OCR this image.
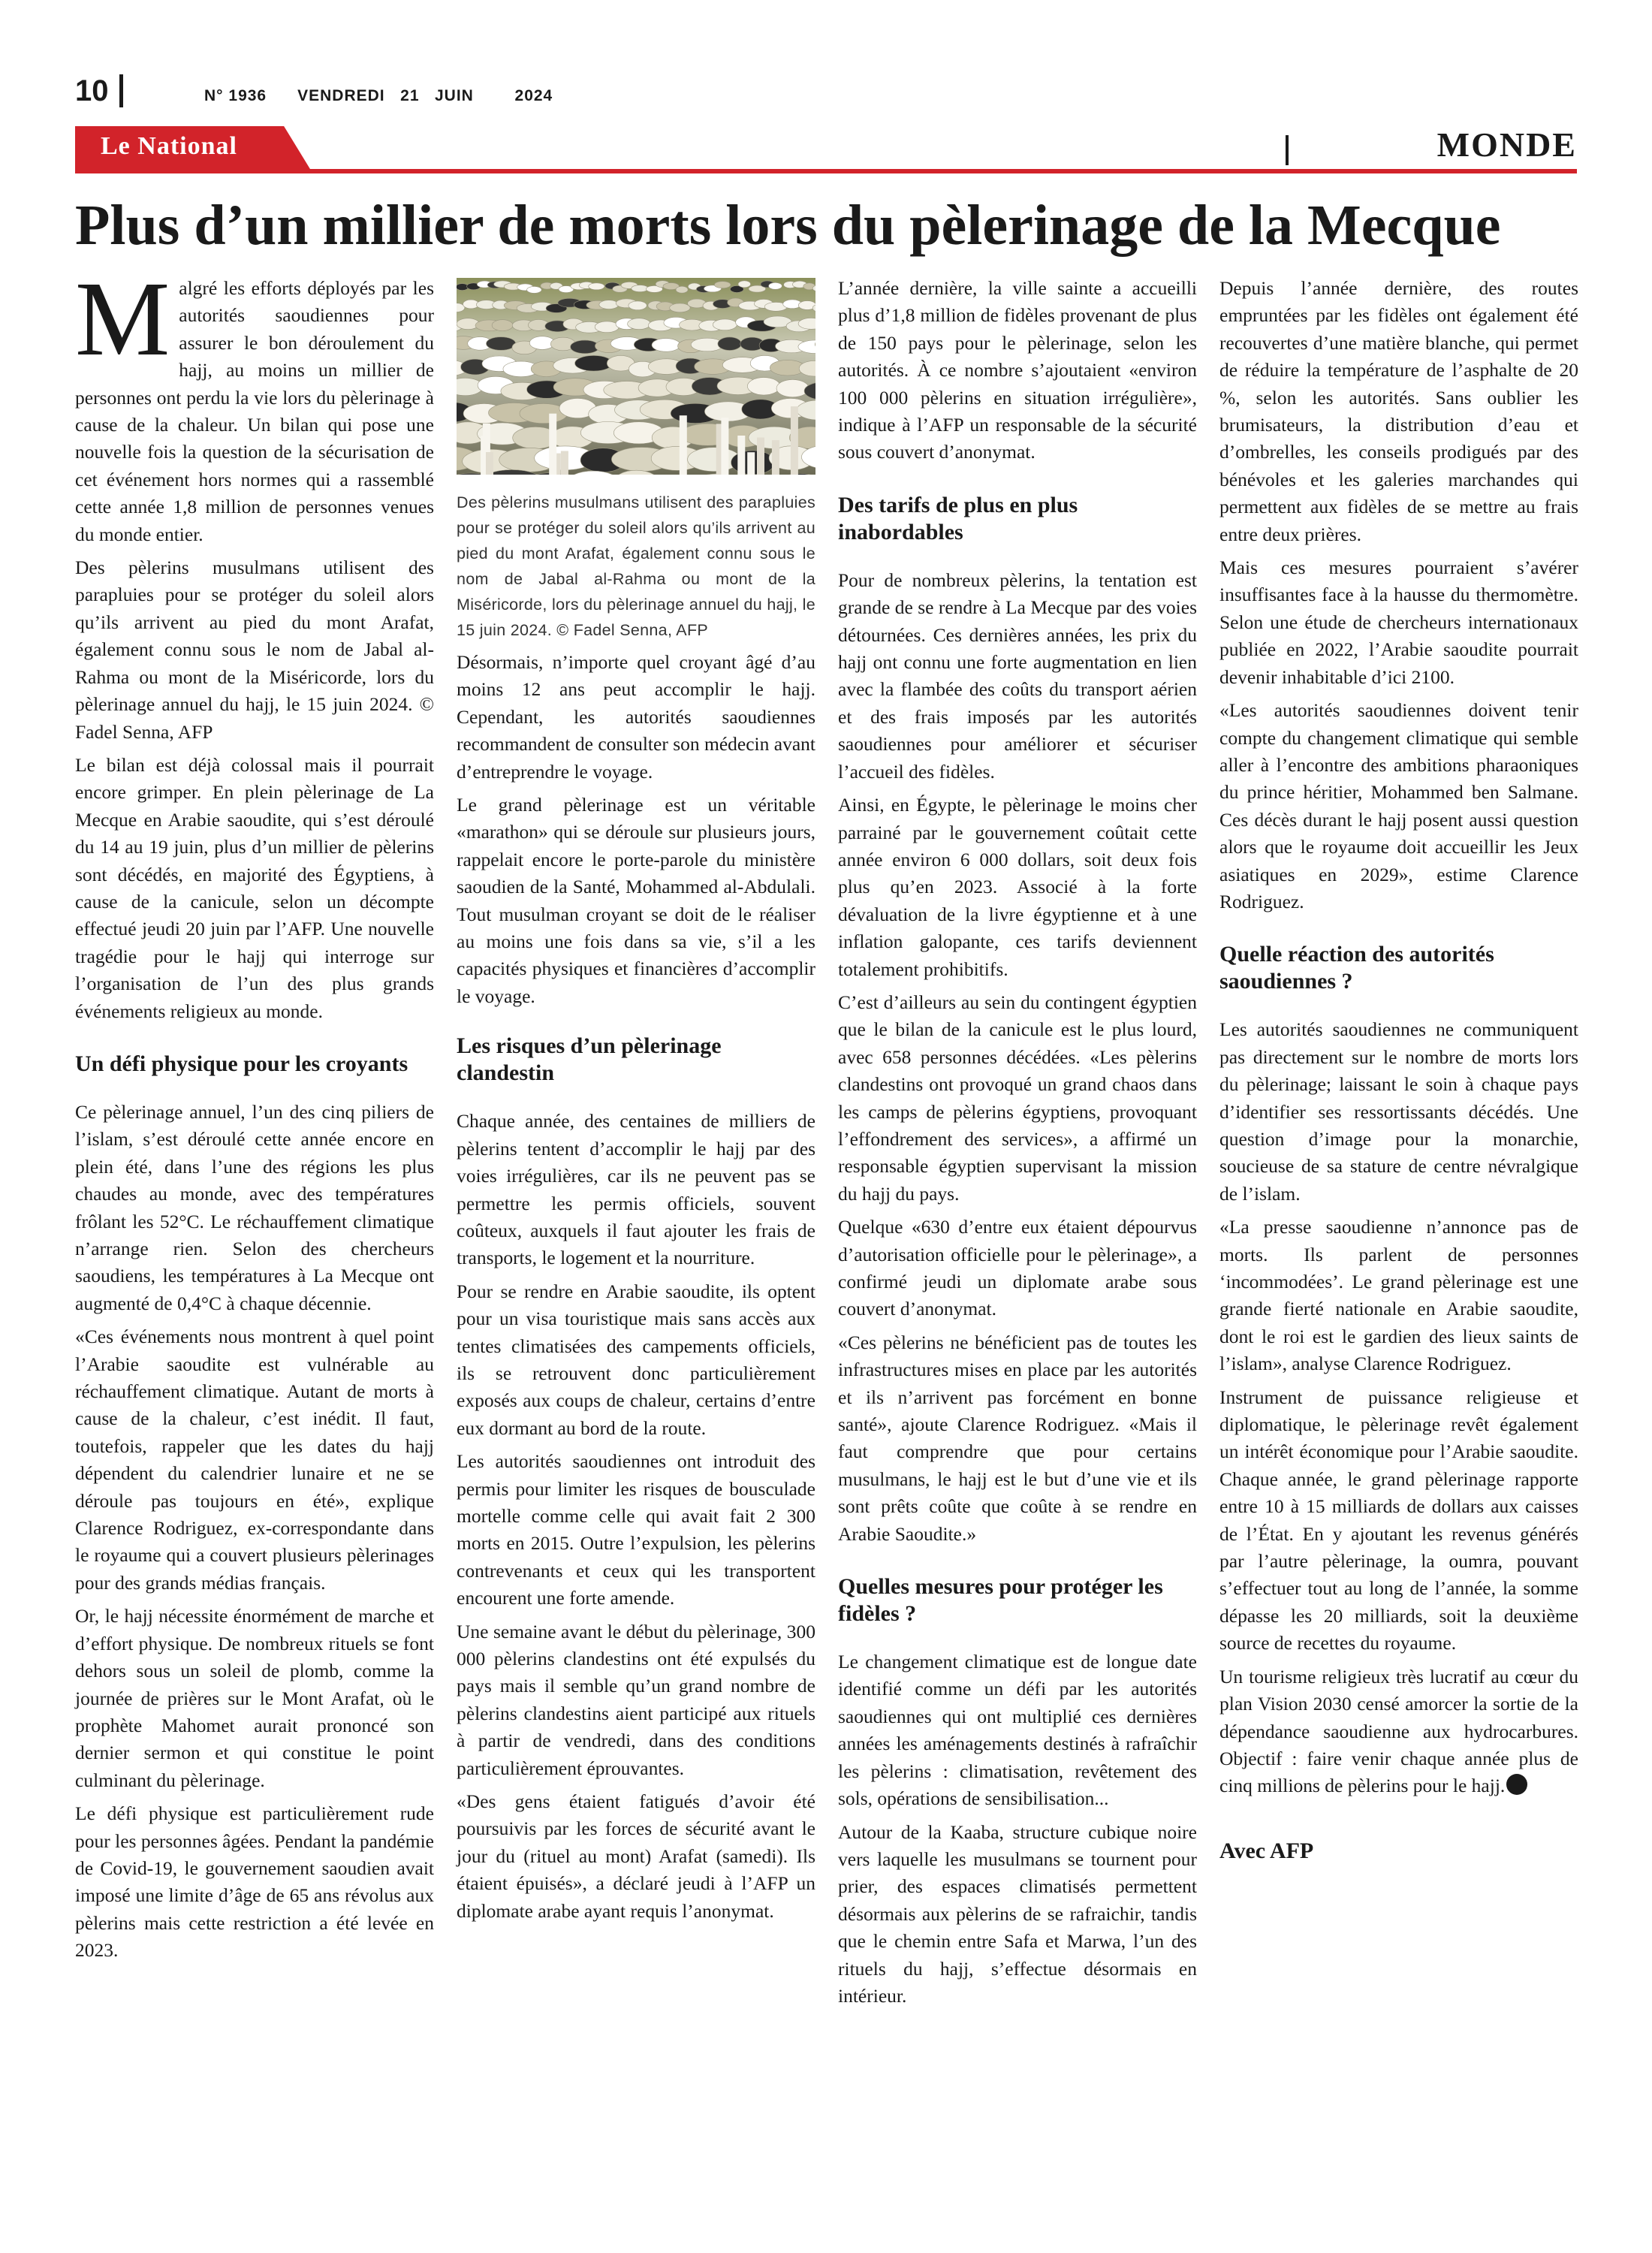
10	N° 1936      VENDREDI   21   JUIN        2024
Le National	MONDE
Plus d’un millier de morts lors du pèlerinage de la Mecque

Malgré les efforts déployés par les autorités saoudiennes pour assurer le bon déroulement du hajj, au moins un millier de personnes ont perdu la vie lors du pèlerinage à cause de la chaleur. Un bilan qui pose une nouvelle fois la question de la sécurisation de cet événement hors normes qui a rassemblé cette année 1,8 million de personnes venues du monde entier.

Des pèlerins musulmans utilisent des parapluies pour se protéger du soleil alors qu’ils arrivent au pied du mont Arafat, également connu sous le nom de Jabal al-Rahma ou mont de la Miséricorde, lors du pèlerinage annuel du hajj, le 15 juin 2024. © Fadel Senna, AFP

Le bilan est déjà colossal mais il pourrait encore grimper. En plein pèlerinage de La Mecque en Arabie saoudite, qui s’est déroulé du 14 au 19 juin, plus d’un millier de pèlerins sont décédés, en majorité des Égyptiens, à cause de la canicule, selon un décompte effectué jeudi 20 juin par l’AFP. Une nouvelle tragédie pour le hajj qui interroge sur l’organisation de l’un des plus grands événements religieux au monde.

Un défi physique pour les croyants

Ce pèlerinage annuel, l’un des cinq piliers de l’islam, s’est déroulé cette année encore en plein été, dans l’une des régions les plus chaudes au monde, avec des températures frôlant les 52°C. Le réchauffement climatique n’arrange rien. Selon des chercheurs saoudiens, les températures à La Mecque ont augmenté de 0,4°C à chaque décennie.

«Ces événements nous montrent à quel point l’Arabie saoudite est vulnérable au réchauffement climatique. Autant de morts à cause de la chaleur, c’est inédit. Il faut, toutefois, rappeler que les dates du hajj dépendent du calendrier lunaire et ne se déroule pas toujours en été», explique Clarence Rodriguez, ex-correspondante dans le royaume qui a couvert plusieurs pèlerinages pour des grands médias français.

Or, le hajj nécessite énormément de marche et d’effort physique. De nombreux rituels se font dehors sous un soleil de plomb, comme la journée de prières sur le Mont Arafat, où le prophète Mahomet aurait prononcé son dernier sermon et qui constitue le point culminant du pèlerinage.

Le défi physique est particulièrement rude pour les personnes âgées. Pendant la pandémie de Covid-19, le gouvernement saoudien avait imposé une limite d’âge de 65 ans révolus aux pèlerins mais cette restriction a été levée en 2023.

Des pèlerins musulmans utilisent des parapluies pour se protéger du soleil alors qu’ils arrivent au pied du mont Arafat, également connu sous le nom de Jabal al-Rahma ou mont de la Miséricorde, lors du pèlerinage annuel du hajj, le 15 juin 2024. © Fadel Senna, AFP

Désormais, n’importe quel croyant âgé d’au moins 12 ans peut accomplir le hajj. Cependant, les autorités saoudiennes recommandent de consulter son médecin avant d’entreprendre le voyage.

Le grand pèlerinage est un véritable «marathon» qui se déroule sur plusieurs jours, rappelait encore le porte-parole du ministère saoudien de la Santé, Mohammed al-Abdulali. Tout musulman croyant se doit de le réaliser au moins une fois dans sa vie, s’il a les capacités physiques et financières d’accomplir le voyage.

Les risques d’un pèlerinage clandestin

Chaque année, des centaines de milliers de pèlerins tentent d’accomplir le hajj par des voies irrégulières, car ils ne peuvent pas se permettre les permis officiels, souvent coûteux, auxquels il faut ajouter les frais de transports, le logement et la nourriture.

Pour se rendre en Arabie saoudite, ils optent pour un visa touristique mais sans accès aux tentes climatisées des campements officiels, ils se retrouvent donc particulièrement exposés aux coups de chaleur, certains d’entre eux dormant au bord de la route.

Les autorités saoudiennes ont introduit des permis pour limiter les risques de bousculade mortelle comme celle qui avait fait 2 300 morts en 2015. Outre l’expulsion, les pèlerins contrevenants et ceux qui les transportent encourent une forte amende.

Une semaine avant le début du pèlerinage, 300 000 pèlerins clandestins ont été expulsés du pays mais il semble qu’un grand nombre de pèlerins clandestins aient participé aux rituels à partir de vendredi, dans des conditions particulièrement éprouvantes.

«Des gens étaient fatigués d’avoir été poursuivis par les forces de sécurité avant le jour du (rituel au mont) Arafat (samedi). Ils étaient épuisés», a déclaré jeudi à l’AFP un diplomate arabe ayant requis l’anonymat.

L’année dernière, la ville sainte a accueilli plus d’1,8 million de fidèles provenant de plus de 150 pays pour le pèlerinage, selon les autorités. À ce nombre s’ajoutaient «environ 100 000 pèlerins en situation irrégulière», indique à l’AFP un responsable de la sécurité sous couvert d’anonymat.

Des tarifs de plus en plus inabordables

Pour de nombreux pèlerins, la tentation est grande de se rendre à La Mecque par des voies détournées. Ces dernières années, les prix du hajj ont connu une forte augmentation en lien avec la flambée des coûts du transport aérien et des frais imposés par les autorités saoudiennes pour améliorer et sécuriser l’accueil des fidèles.

Ainsi, en Égypte, le pèlerinage le moins cher parrainé par le gouvernement coûtait cette année environ 6 000 dollars, soit deux fois plus qu’en 2023. Associé à la forte dévaluation de la livre égyptienne et à une inflation galopante, ces tarifs deviennent totalement prohibitifs.

C’est d’ailleurs au sein du contingent égyptien que le bilan de la canicule est le plus lourd, avec 658 personnes décédées. «Les pèlerins clandestins ont provoqué un grand chaos dans les camps de pèlerins égyptiens, provoquant l’effondrement des services», a affirmé un responsable égyptien supervisant la mission du hajj du pays.

Quelque «630 d’entre eux étaient dépourvus d’autorisation officielle pour le pèlerinage», a confirmé jeudi un diplomate arabe sous couvert d’anonymat.

«Ces pèlerins ne bénéficient pas de toutes les infrastructures mises en place par les autorités et ils n’arrivent pas forcément en bonne santé», ajoute Clarence Rodriguez. «Mais il faut comprendre que pour certains musulmans, le hajj est le but d’une vie et ils sont prêts coûte que coûte à se rendre en Arabie Saoudite.»

Quelles mesures pour protéger les fidèles ?

Le changement climatique est de longue date identifié comme un défi par les autorités saoudiennes qui ont multiplié ces dernières années les aménagements destinés à rafraîchir les pèlerins : climatisation, revêtement des sols, opérations de sensibilisation...

Autour de la Kaaba, structure cubique noire vers laquelle les musulmans se tournent pour prier, des espaces climatisés permettent désormais aux pèlerins de se rafraichir, tandis que le chemin entre Safa et Marwa, l’un des rituels du hajj, s’effectue désormais en intérieur.

Depuis l’année dernière, des routes empruntées par les fidèles ont également été recouvertes d’une matière blanche, qui permet de réduire la température de l’asphalte de 20 %, selon les autorités. Sans oublier les brumisateurs, la distribution d’eau et d’ombrelles, les conseils prodigués par des bénévoles et les galeries marchandes qui permettent aux fidèles de se mettre au frais entre deux prières.

Mais ces mesures pourraient s’avérer insuffisantes face à la hausse du thermomètre. Selon une étude de chercheurs internationaux publiée en 2022, l’Arabie saoudite pourrait devenir inhabitable d’ici 2100.

«Les autorités saoudiennes doivent tenir compte du changement climatique qui semble aller à l’encontre des ambitions pharaoniques du prince héritier, Mohammed ben Salmane. Ces décès durant le hajj posent aussi question alors que le royaume doit accueillir les Jeux asiatiques en 2029», estime Clarence Rodriguez.

Quelle réaction des autorités saoudiennes ?

Les autorités saoudiennes ne communiquent pas directement sur le nombre de morts lors du pèlerinage; laissant le soin à chaque pays d’identifier ses ressortissants décédés. Une question d’image pour la monarchie, soucieuse de sa stature de centre névralgique de l’islam.

«La presse saoudienne n’annonce pas de morts. Ils parlent de personnes ‘incommodées’. Le grand pèlerinage est une grande fierté nationale en Arabie saoudite, dont le roi est le gardien des lieux saints de l’islam», analyse Clarence Rodriguez.

Instrument de puissance religieuse et diplomatique, le pèlerinage revêt également un intérêt économique pour l’Arabie saoudite. Chaque année, le grand pèlerinage rapporte entre 10 à 15 milliards de dollars aux caisses de l’État. En y ajoutant les revenus générés par l’autre pèlerinage, la oumra, pouvant s’effectuer tout au long de l’année, la somme dépasse les 20 milliards, soit la deuxième source de recettes du royaume.

Un tourisme religieux très lucratif au cœur du plan Vision 2030 censé amorcer la sortie de la dépendance saoudienne aux hydrocarbures. Objectif : faire venir chaque année plus de cinq millions de pèlerins pour le hajj.

Avec AFP
